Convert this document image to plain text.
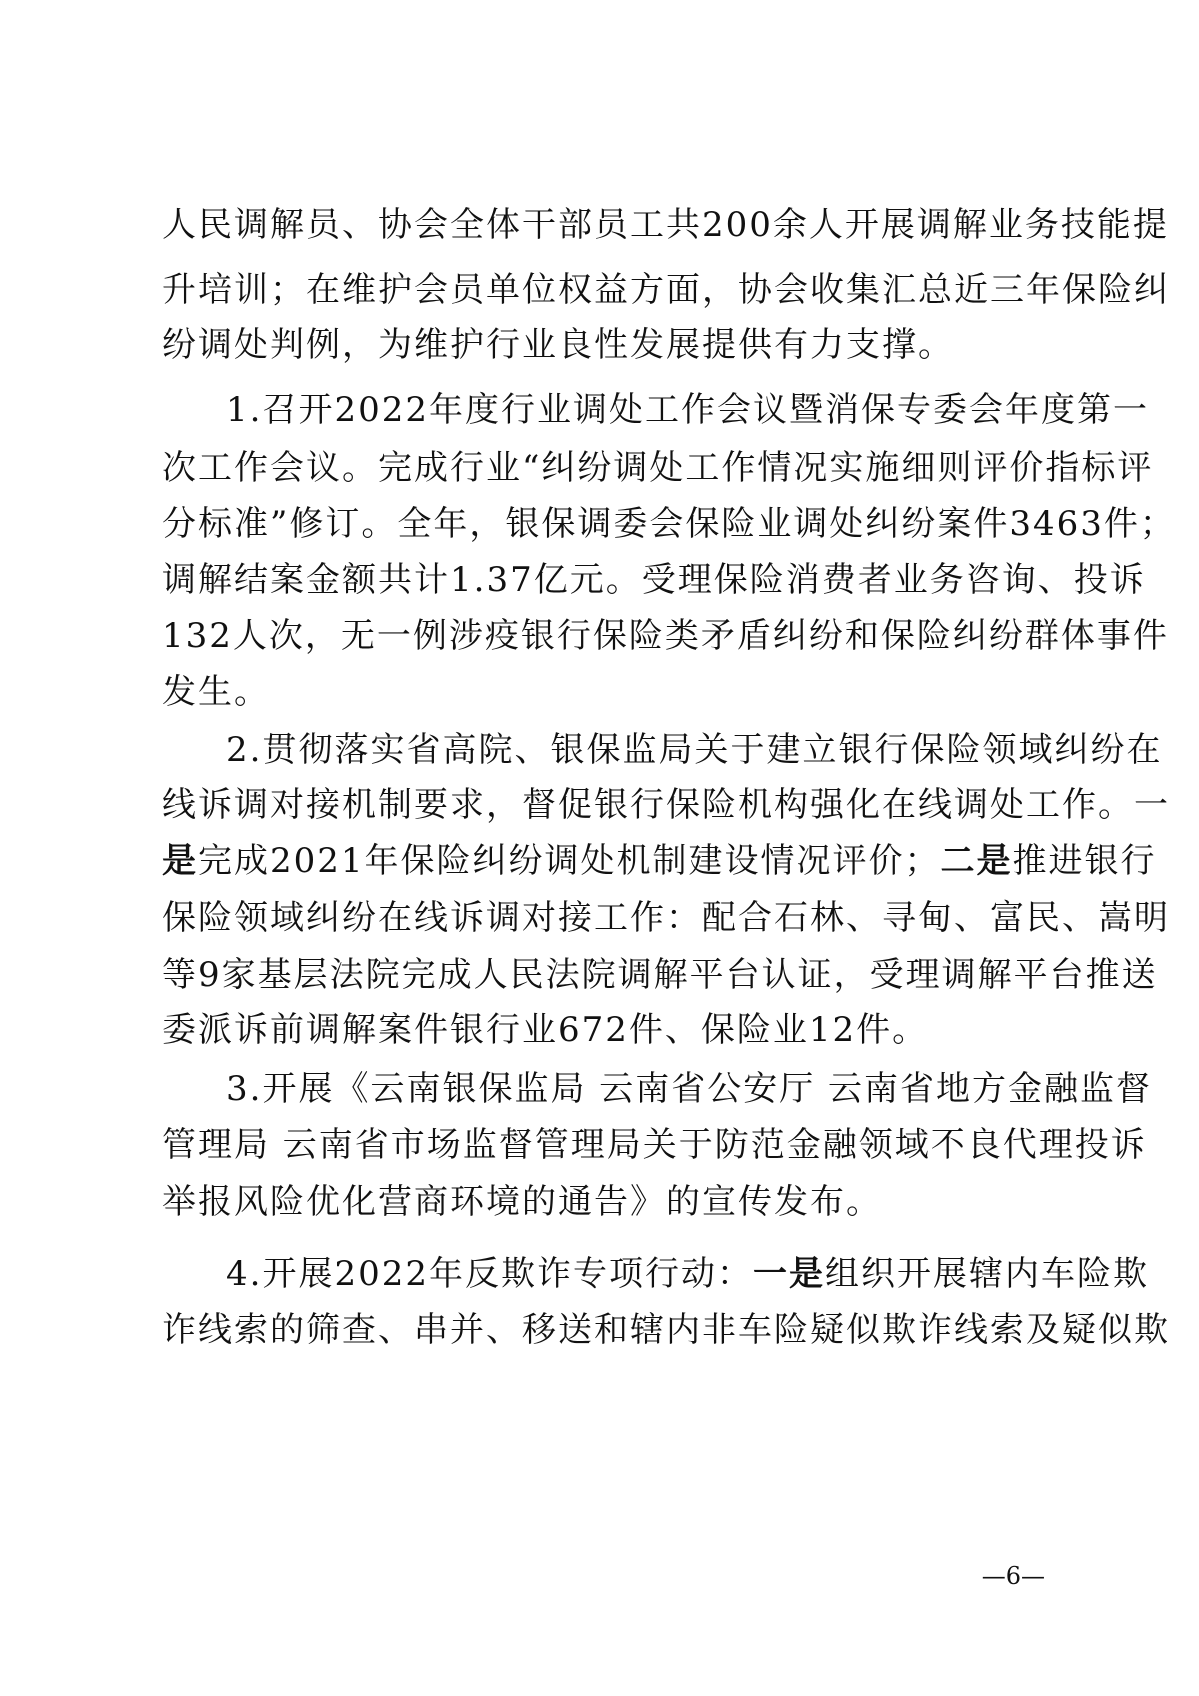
人民调解员、协会全体干部员工共200余人开展调解业务技能提
升培训；在维护会员单位权益方面，协会收集汇总近三年保险纠
纷调处判例，为维护行业良性发展提供有力支撑。
1.召开2022年度行业调处工作会议暨消保专委会年度第一
次工作会议。完成行业“纠纷调处工作情况实施细则评价指标评
分标准”修订。全年，银保调委会保险业调处纠纷案件3463件；
调解结案金额共计1.37亿元。受理保险消费者业务咨询、投诉
132人次，无一例涉疫银行保险类矛盾纠纷和保险纠纷群体事件
发生。
2.贯彻落实省高院、银保监局关于建立银行保险领域纠纷在
线诉调对接机制要求，督促银行保险机构强化在线调处工作。一
是完成2021年保险纠纷调处机制建设情况评价；二是推进银行
保险领域纠纷在线诉调对接工作：配合石林、寻甸、富民、嵩明
等9家基层法院完成人民法院调解平台认证，受理调解平台推送
委派诉前调解案件银行业672件、保险业12件。
3.开展《云南银保监局 云南省公安厅 云南省地方金融监督
管理局 云南省市场监督管理局关于防范金融领域不良代理投诉
举报风险优化营商环境的通告》的宣传发布。
4.开展2022年反欺诈专项行动：一是组织开展辖内车险欺
诈线索的筛查、串并、移送和辖内非车险疑似欺诈线索及疑似欺
—6—
